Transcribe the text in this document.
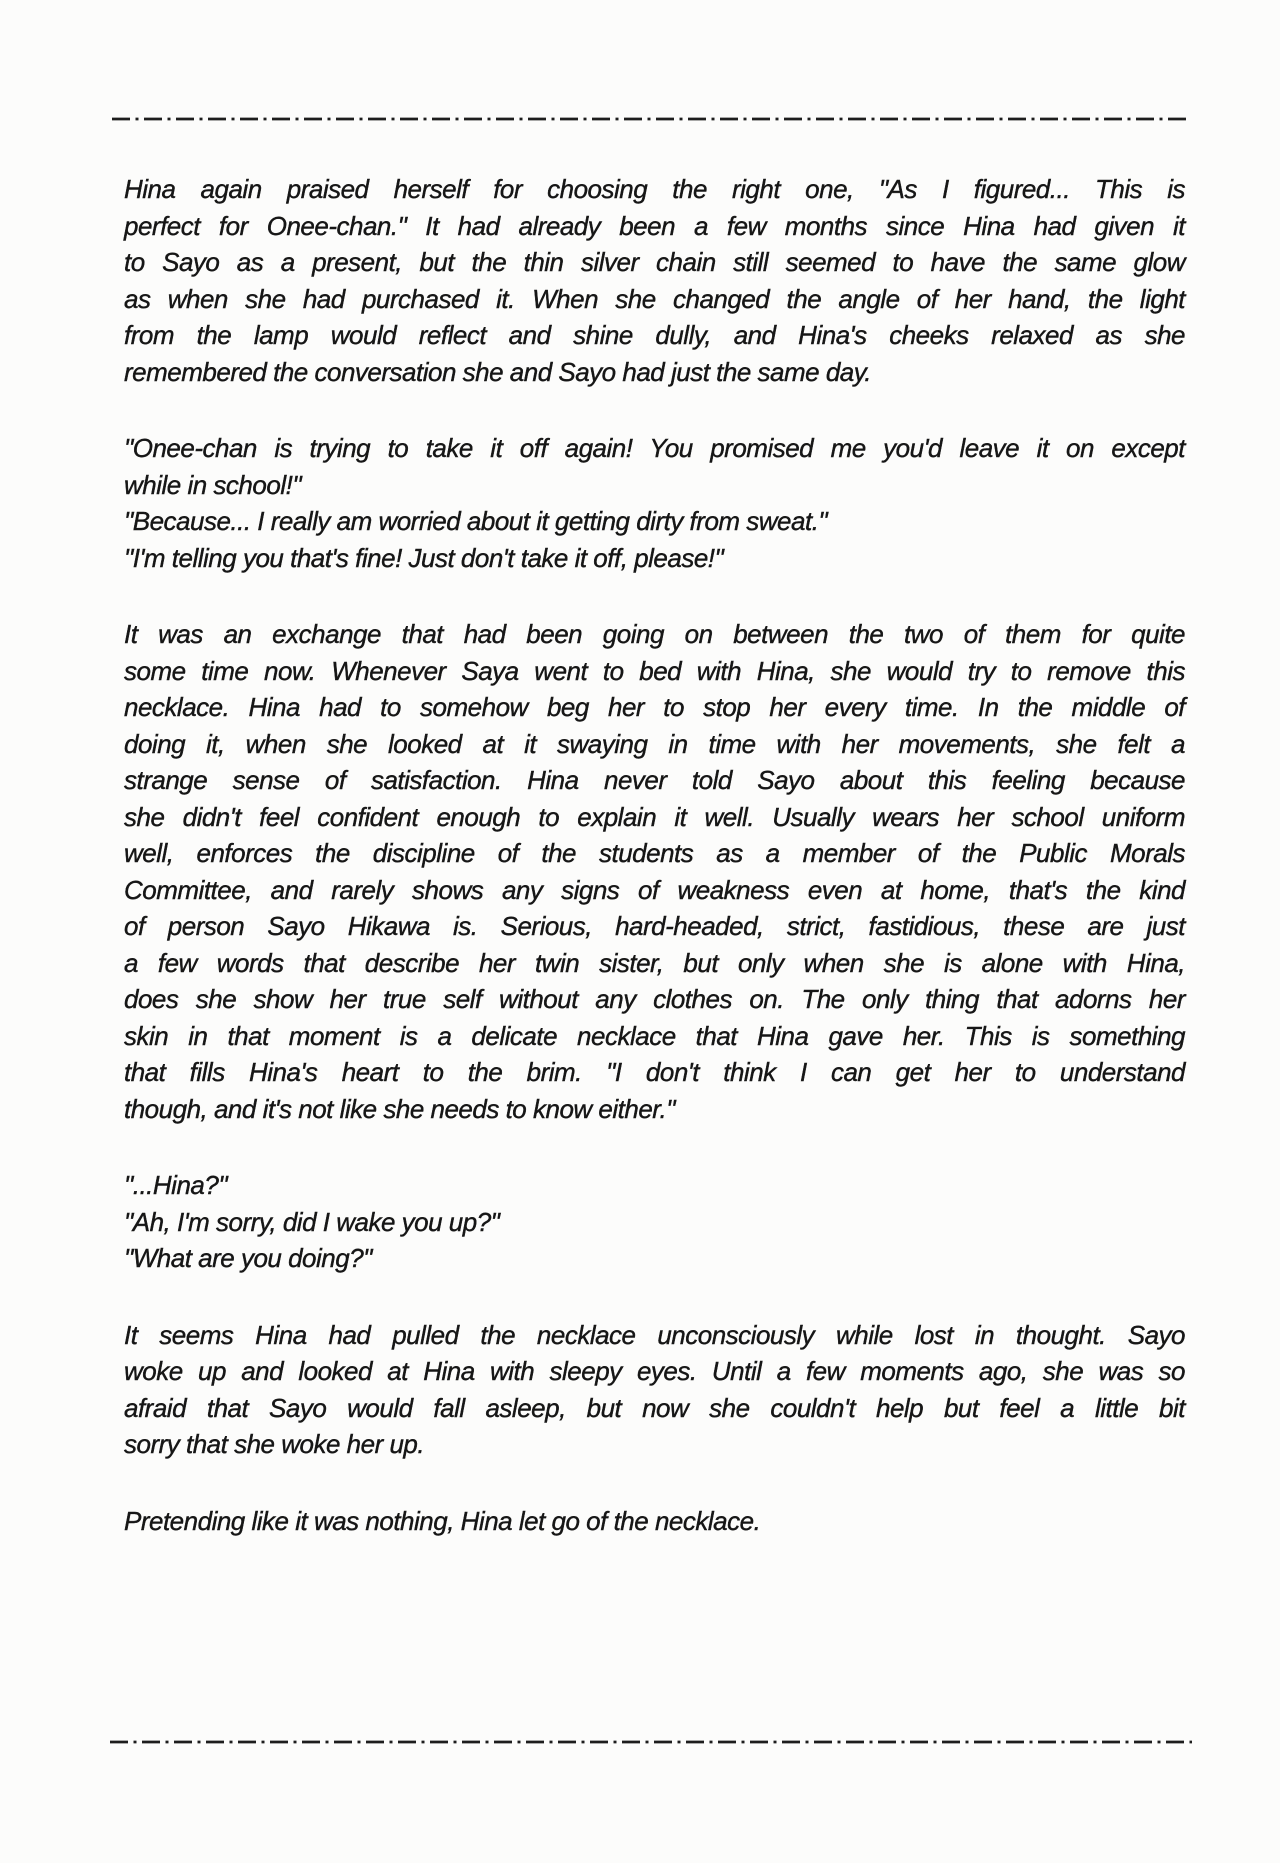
Hina again praised herself for choosing the right one, "As I figured... This is
perfect for Onee-chan." It had already been a few months since Hina had given it
to Sayo as a present, but the thin silver chain still seemed to have the same glow
as when she had purchased it. When she changed the angle of her hand, the light
from the lamp would reflect and shine dully, and Hina's cheeks relaxed as she
remembered the conversation she and Sayo had just the same day.
"Onee-chan is trying to take it off again! You promised me you'd leave it on except
while in school!"
"Because... I really am worried about it getting dirty from sweat."
"I'm telling you that's fine! Just don't take it off, please!"
It was an exchange that had been going on between the two of them for quite
some time now. Whenever Saya went to bed with Hina, she would try to remove this
necklace. Hina had to somehow beg her to stop her every time. In the middle of
doing it, when she looked at it swaying in time with her movements, she felt a
strange sense of satisfaction. Hina never told Sayo about this feeling because
she didn't feel confident enough to explain it well. Usually wears her school uniform
well, enforces the discipline of the students as a member of the Public Morals
Committee, and rarely shows any signs of weakness even at home, that's the kind
of person Sayo Hikawa is. Serious, hard-headed, strict, fastidious, these are just
a few words that describe her twin sister, but only when she is alone with Hina,
does she show her true self without any clothes on. The only thing that adorns her
skin in that moment is a delicate necklace that Hina gave her. This is something
that fills Hina's heart to the brim. "I don't think I can get her to understand
though, and it's not like she needs to know either."
"...Hina?"
"Ah, I'm sorry, did I wake you up?"
"What are you doing?"
It seems Hina had pulled the necklace unconsciously while lost in thought. Sayo
woke up and looked at Hina with sleepy eyes. Until a few moments ago, she was so
afraid that Sayo would fall asleep, but now she couldn't help but feel a little bit
sorry that she woke her up.
Pretending like it was nothing, Hina let go of the necklace.
